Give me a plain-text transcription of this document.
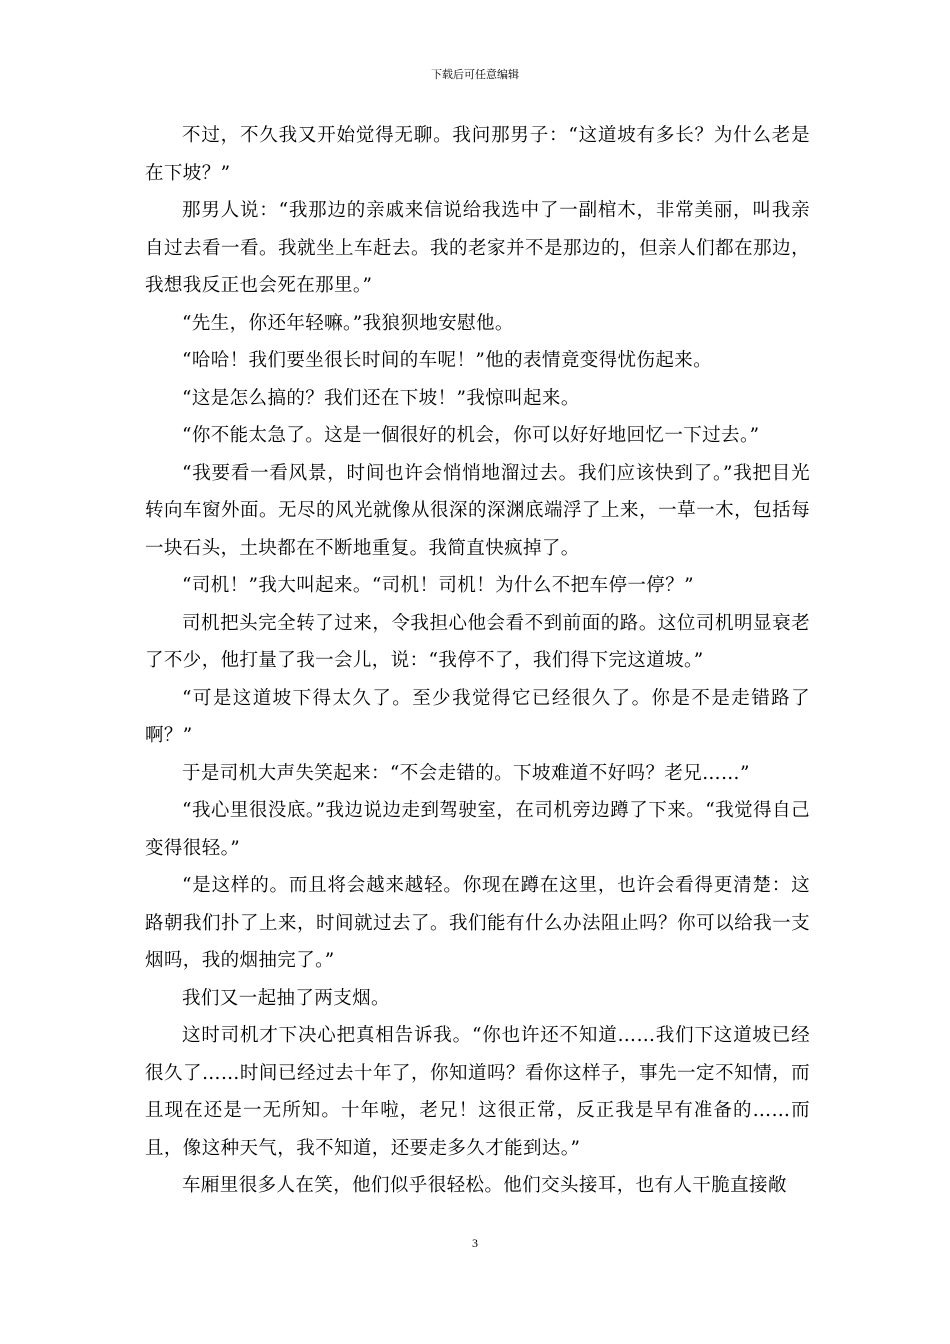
下载后可任意编辑

不过，不久我又开始觉得无聊。我问那男子：“这道坡有多长？为什么老是在下坡？”

那男人说：“我那边的亲戚来信说给我选中了一副棺木，非常美丽，叫我亲自过去看一看。我就坐上车赶去。我的老家并不是那边的，但亲人们都在那边，我想我反正也会死在那里。”

“先生，你还年轻嘛。”我狼狈地安慰他。

“哈哈！我们要坐很长时间的车呢！”他的表情竟变得忧伤起来。

“这是怎么搞的？我们还在下坡！”我惊叫起来。

“你不能太急了。这是一個很好的机会，你可以好好地回忆一下过去。”

“我要看一看风景，时间也许会悄悄地溜过去。我们应该快到了。”我把目光转向车窗外面。无尽的风光就像从很深的深渊底端浮了上来，一草一木，包括每一块石头，土块都在不断地重复。我简直快疯掉了。

“司机！”我大叫起来。“司机！司机！为什么不把车停一停？”

司机把头完全转了过来，令我担心他会看不到前面的路。这位司机明显衰老了不少，他打量了我一会儿，说：“我停不了，我们得下完这道坡。”

“可是这道坡下得太久了。至少我觉得它已经很久了。你是不是走错路了啊？”

于是司机大声失笑起来：“不会走错的。下坡难道不好吗？老兄……”

“我心里很没底。”我边说边走到驾驶室，在司机旁边蹲了下来。“我觉得自己变得很轻。”

“是这样的。而且将会越来越轻。你现在蹲在这里，也许会看得更清楚：这路朝我们扑了上来，时间就过去了。我们能有什么办法阻止吗？你可以给我一支烟吗，我的烟抽完了。”

我们又一起抽了两支烟。

这时司机才下决心把真相告诉我。“你也许还不知道……我们下这道坡已经很久了……时间已经过去十年了，你知道吗？看你这样子，事先一定不知情，而且现在还是一无所知。十年啦，老兄！这很正常，反正我是早有准备的……而且，像这种天气，我不知道，还要走多久才能到达。”

车厢里很多人在笑，他们似乎很轻松。他们交头接耳，也有人干脆直接敞

3
